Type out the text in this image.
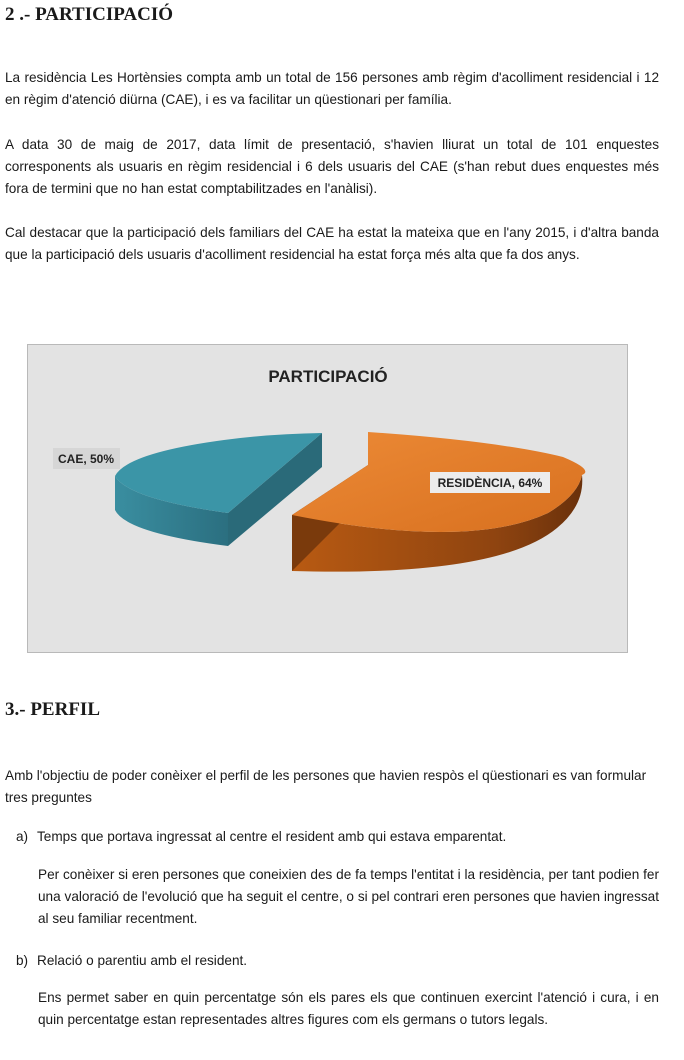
2 .- PARTICIPACIÓ

La residència Les Hortènsies compta amb un total de 156 persones amb règim d'acolliment residencial i 12 en règim d'atenció diürna (CAE), i es va facilitar un qüestionari per família.

A data 30 de maig de 2017, data límit de presentació, s'havien lliurat un total de 101 enquestes corresponents als usuaris en règim residencial i 6 dels usuaris del CAE (s'han rebut dues enquestes més fora de termini que no han estat comptabilitzades en l'anàlisi).

Cal destacar que la participació dels familiars del CAE ha estat la mateixa que en l'any 2015, i d'altra banda que la participació dels usuaris d'acolliment residencial ha estat força més alta que fa dos anys.

PARTICIPACIÓ
CAE, 50%
RESIDÈNCIA, 64%
3.- PERFIL

Amb l'objectiu de poder conèixer el perfil de les persones que havien respòs el qüestionari es van formular tres preguntes

a) Temps que portava ingressat al centre el resident amb qui estava emparentat.

Per conèixer si eren persones que coneixien des de fa temps l'entitat i la residència, per tant podien fer una valoració de l'evolució que ha seguit el centre, o si pel contrari eren persones que havien ingressat al seu familiar recentment.

b) Relació o parentiu amb el resident.

Ens permet saber en quin percentatge són els pares els que continuen exercint l'atenció i cura, i en quin percentatge estan representades altres figures com els germans o tutors legals.
